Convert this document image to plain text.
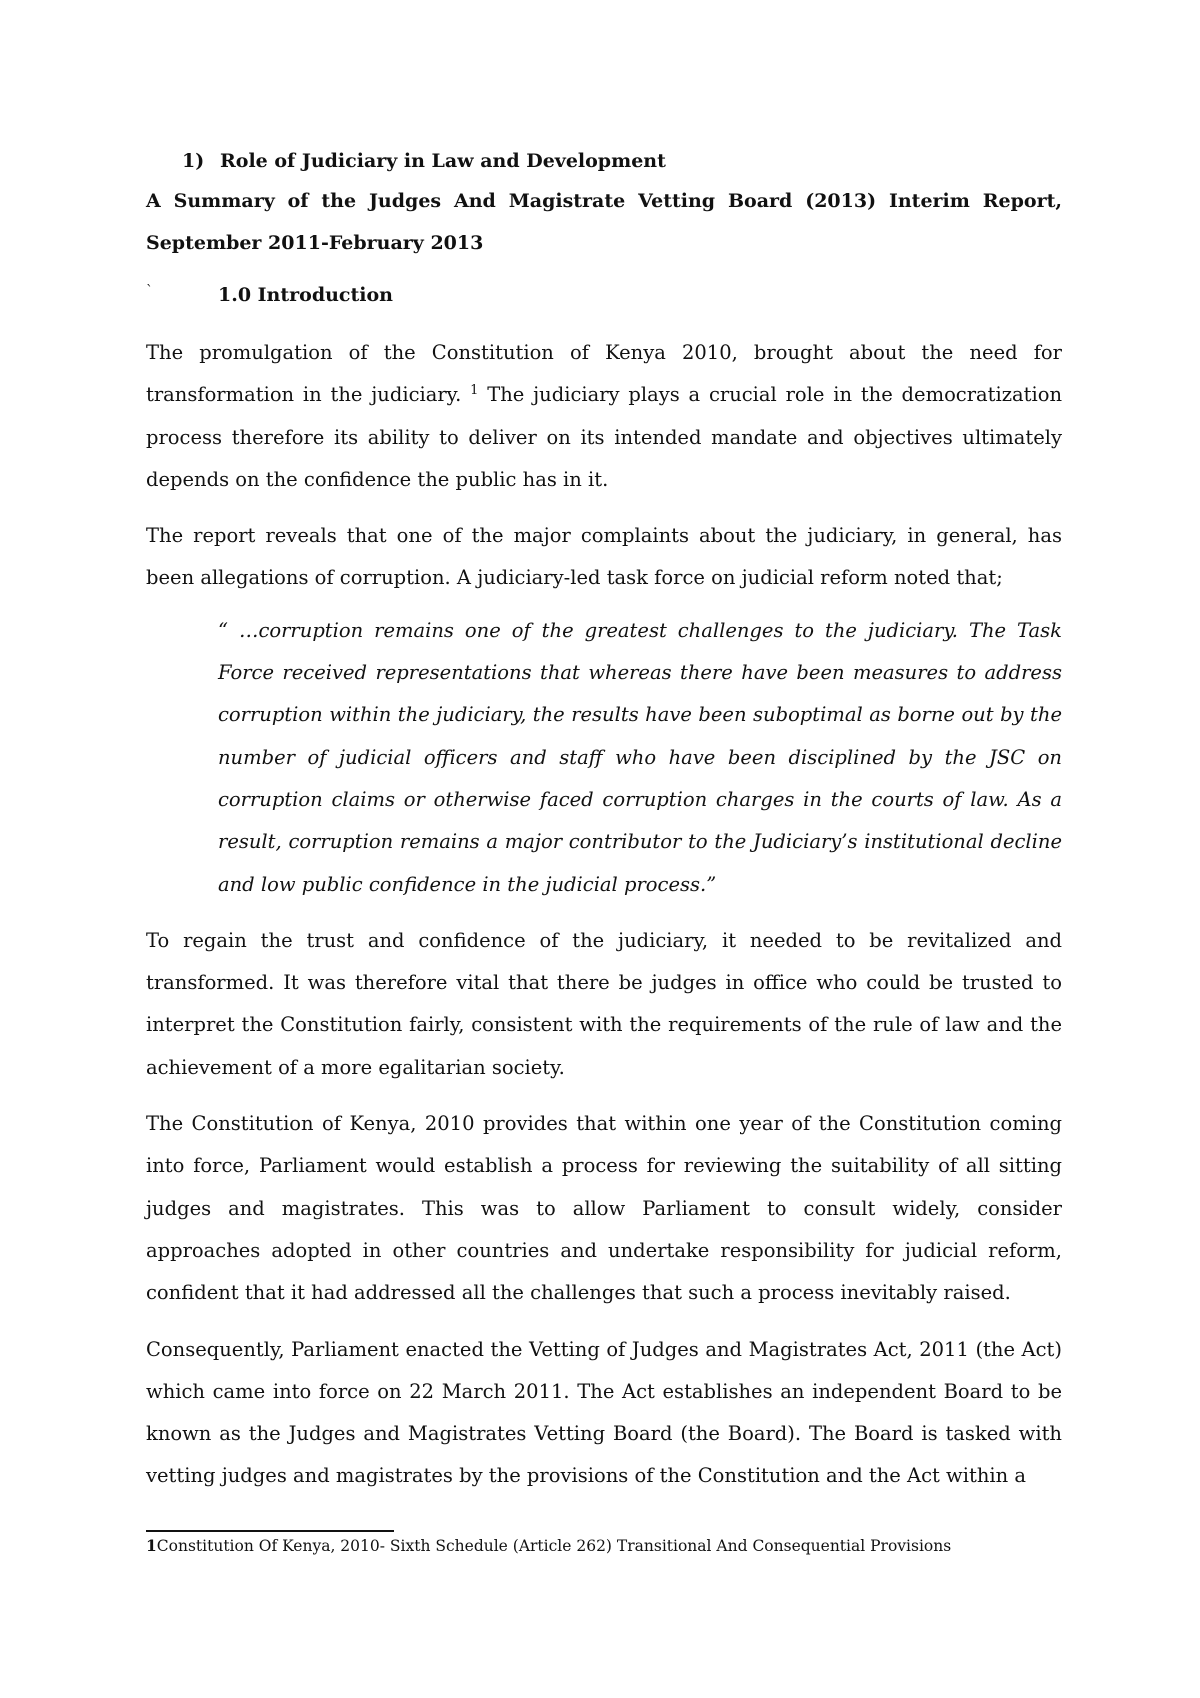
1) Role of Judiciary in Law and Development

A Summary of the Judges And Magistrate Vetting Board (2013) Interim Report, September 2011-February 2013

`	1.0 Introduction

The promulgation of the Constitution of Kenya 2010, brought about the need for transformation in the judiciary. $^1$ The judiciary plays a crucial role in the democratization process therefore its ability to deliver on its intended mandate and objectives ultimately depends on the confidence the public has in it.

The report reveals that one of the major complaints about the judiciary, in general, has been allegations of corruption. A judiciary-led task force on judicial reform noted that;

“ …corruption remains one of the greatest challenges to the judiciary. The Task Force received representations that whereas there have been measures to address corruption within the judiciary, the results have been suboptimal as borne out by the number of judicial officers and staff who have been disciplined by the JSC on corruption claims or otherwise faced corruption charges in the courts of law. As a result, corruption remains a major contributor to the Judiciary’s institutional decline and low public confidence in the judicial process.”

To regain the trust and confidence of the judiciary, it needed to be revitalized and transformed. It was therefore vital that there be judges in office who could be trusted to interpret the Constitution fairly, consistent with the requirements of the rule of law and the achievement of a more egalitarian society.

The Constitution of Kenya, 2010 provides that within one year of the Constitution coming into force, Parliament would establish a process for reviewing the suitability of all sitting judges and magistrates. This was to allow Parliament to consult widely, consider approaches adopted in other countries and undertake responsibility for judicial reform, confident that it had addressed all the challenges that such a process inevitably raised.

Consequently, Parliament enacted the Vetting of Judges and Magistrates Act, 2011 (the Act) which came into force on 22 March 2011. The Act establishes an independent Board to be known as the Judges and Magistrates Vetting Board (the Board). The Board is tasked with vetting judges and magistrates by the provisions of the Constitution and the Act within a

1Constitution Of Kenya, 2010- Sixth Schedule (Article 262) Transitional And Consequential Provisions
